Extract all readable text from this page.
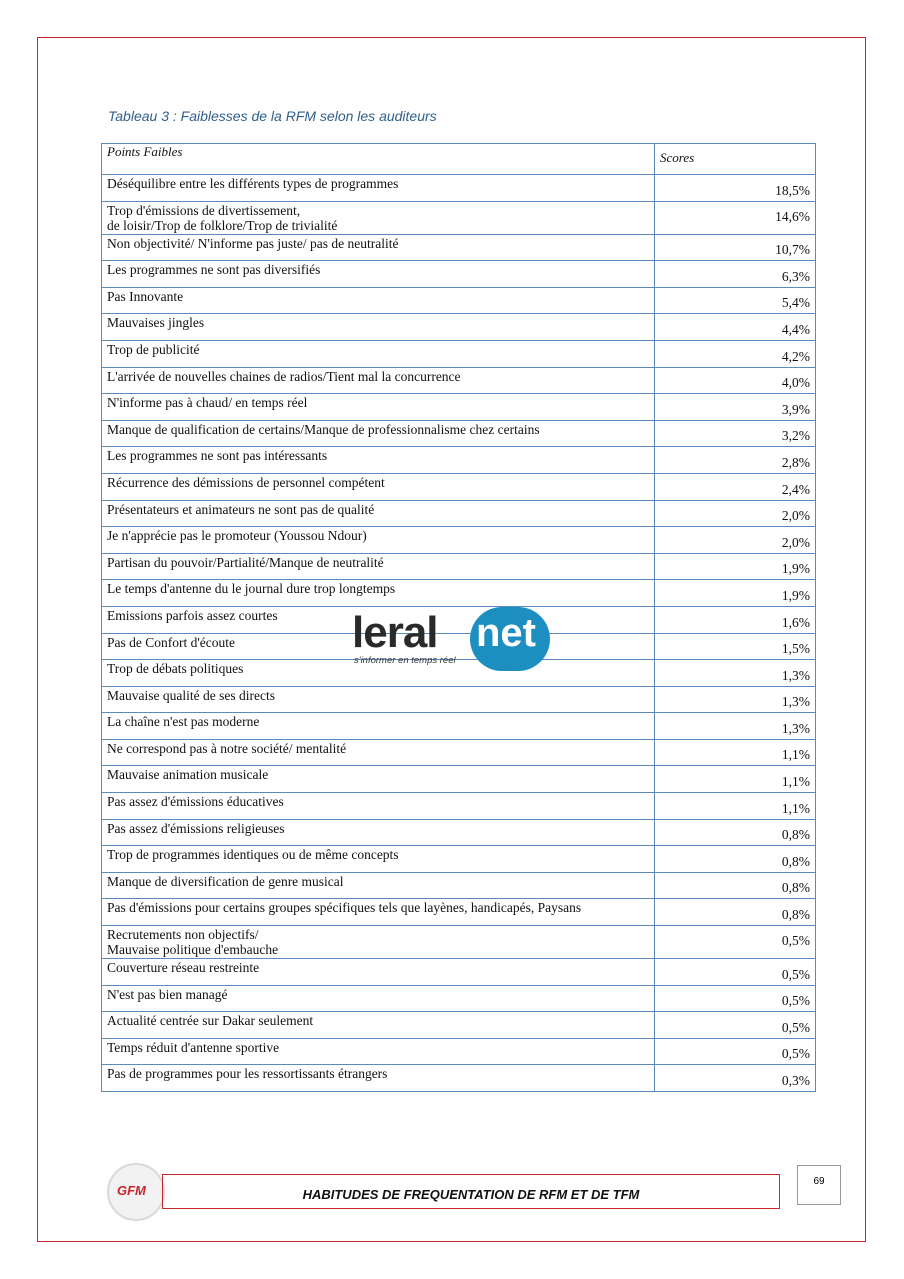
Tableau 3 : Faiblesses de la RFM selon les auditeurs
Points Faibles	Scores
Déséquilibre entre les différents types de programmes	18,5%
Trop d'émissions de divertissement,
de loisir/Trop de folklore/Trop de trivialité	14,6%
Non objectivité/ N'informe pas juste/ pas de neutralité	10,7%
Les programmes ne sont pas diversifiés	6,3%
Pas Innovante	5,4%
Mauvaises jingles	4,4%
Trop de publicité	4,2%
L'arrivée de nouvelles chaines de radios/Tient mal la concurrence	4,0%
N'informe pas à chaud/ en temps réel	3,9%
Manque de qualification de certains/Manque de professionnalisme chez certains	3,2%
Les programmes ne sont pas intéressants	2,8%
Récurrence des démissions de personnel compétent	2,4%
Présentateurs et animateurs ne sont pas de qualité	2,0%
Je n'apprécie pas le promoteur (Youssou Ndour)	2,0%
Partisan du pouvoir/Partialité/Manque de neutralité	1,9%
Le temps d'antenne du le journal dure trop longtemps	1,9%
Emissions parfois assez courtes	1,6%
Pas de Confort d'écoute	1,5%
Trop de débats politiques	1,3%
Mauvaise qualité de ses directs	1,3%
La chaîne n'est pas moderne	1,3%
Ne correspond pas à notre société/ mentalité	1,1%
Mauvaise animation musicale	1,1%
Pas assez d'émissions éducatives	1,1%
Pas assez d'émissions religieuses	0,8%
Trop de programmes identiques ou de même concepts	0,8%
Manque de diversification de genre musical	0,8%
Pas d'émissions pour certains groupes spécifiques tels que layènes, handicapés, Paysans	0,8%
Recrutements non objectifs/
Mauvaise politique d'embauche	0,5%
Couverture réseau restreinte	0,5%
N'est pas bien managé	0,5%
Actualité centrée sur Dakar seulement	0,5%
Temps réduit d'antenne sportive	0,5%
Pas de programmes pour les ressortissants étrangers	0,3%
leral net
s'informer en temps réel
GFM	HABITUDES DE FREQUENTATION DE RFM ET DE TFM
69
